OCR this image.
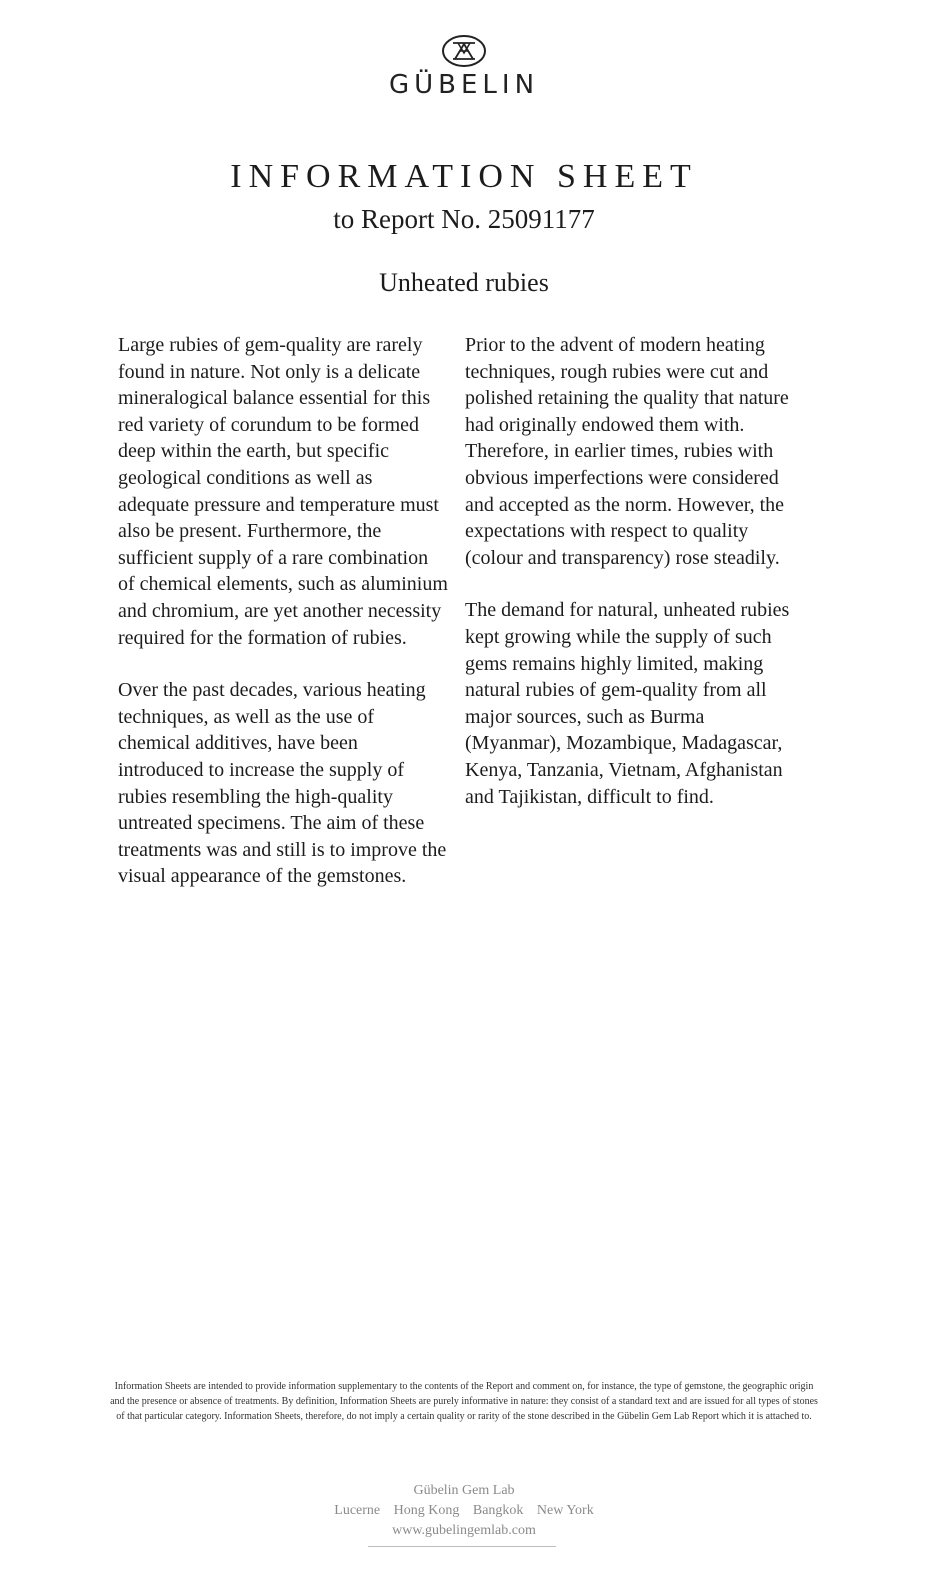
GÜBELIN
INFORMATION SHEET
to Report No. 25091177
Unheated rubies

Large rubies of gem-quality are rarely found in nature. Not only is a delicate mineralogical balance essential for this red variety of corundum to be formed deep within the earth, but specific geological conditions as well as adequate pressure and temperature must also be present. Furthermore, the sufficient supply of a rare combination of chemical elements, such as aluminium and chromium, are yet another necessity required for the formation of rubies.

Over the past decades, various heating techniques, as well as the use of chemical additives, have been introduced to increase the supply of rubies resembling the high-quality untreated specimens. The aim of these treatments was and still is to improve the visual appearance of the gemstones.

Prior to the advent of modern heating techniques, rough rubies were cut and polished retaining the quality that nature had originally endowed them with. Therefore, in earlier times, rubies with obvious imperfections were considered and accepted as the norm. However, the expectations with respect to quality (colour and transparency) rose steadily.

The demand for natural, unheated rubies kept growing while the supply of such gems remains highly limited, making natural rubies of gem-quality from all major sources, such as Burma (Myanmar), Mozambique, Madagascar, Kenya, Tanzania, Vietnam, Afghanistan and Tajikistan, difficult to find.

Information Sheets are intended to provide information supplementary to the contents of the Report and comment on, for instance, the type of gemstone, the geographic origin and the presence or absence of treatments. By definition, Information Sheets are purely informative in nature: they consist of a standard text and are issued for all types of stones of that particular category. Information Sheets, therefore, do not imply a certain quality or rarity of the stone described in the Gübelin Gem Lab Report which it is attached to.
Gübelin Gem Lab
Lucerne Hong Kong Bangkok New York
www.gubelingemlab.com
